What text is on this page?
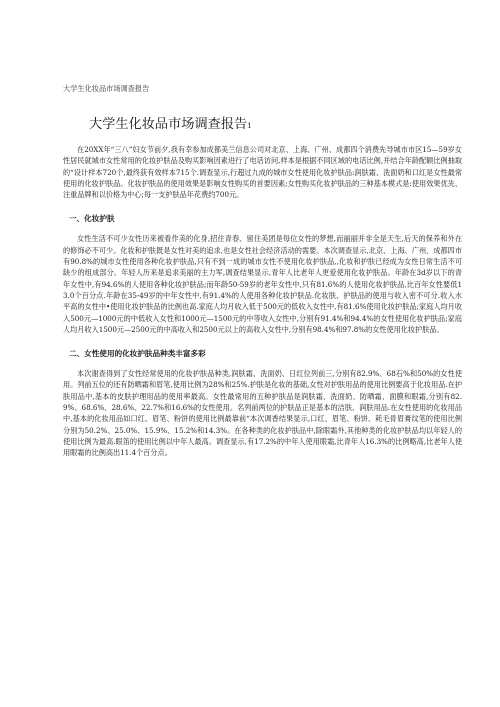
大学生化妆品市场调查报告
大学生化妆品市场调查报告1

在20XX年“三八”妇女节前夕,我有幸参加成都美兰信息公司对北京、上海、广州、成都四个消费先导城市市区15—59岁女性居民就城市女性常用的化妆护肤品及购买影响因素进行了电话访问,样本是根据不同区域的电话比例,并结合年龄配额比例抽取的“设计样本720个,最终获有效样本715个.调查显示,行超过九成的城市女性使用化妆护肤品:润肤霜、洗面奶和口红是女性最常使用的化妆护肤品。化妆护肤品的使用效果是影响女性购买的首要因素;女性购买化妆护肤品的三种基本模式是:使用效果优先、注重品牌和以价格为中心;每一支护肤品年花费约700元。

一、化妆护肤

女性生活不可少女性历来被看作美的化身,招住青春、留住美团是每位女性的梦想,而丽丽并非全是天生,后天的保养和外在的修饰必不可少。化妆和护肤既是女性对美的追求,也是女性社会经济活动的需要。本次调查显示,北京、上海、广州、成都四市有90.8%的城市女性使用各种化妆护肤品,只有不到一成的城市女性不使用化妆护肤品,,化妆和护肤已经成为女性日常生活不可缺少的组成部分。年轻人历来是追求美丽的主力军,调查结果显示,青年人比老年人更爱使用化妆护肤品。年龄在3d岁以下的青年女性中,有94.6%的人使用各种化妆护肤品;而年龄50-59岁的老年女性中,只有81.6%的人使用化妆护肤品,比百年女性要低13.0个百分点.年龄在35-49岁的中年女性中,有91.4%的人使用各种化妆护肤品.化妆肤、护肤品的使用与收入密不可分.收入水平高的女性中•使用化妆护肤品的比例也高.家庭人均月收入低于500元的低收入女性中,有81.6%使用化妆护肤品;家庭人均月收入500元—1000元的中低收入女性和1000元—1500元的中等收入女性中,分别有91.4%和94.4%的女性使用化妆护肤品;家庭人均月收入1500元—2500元的中高收入和2500元以上的高收入女性中,分别有98.4%和97.8%的女性使用化妆护肤品。

二、女性使用的化妆护肤品种类丰富多彩

本次谢查得到了女性经常使用的化妆护肤品种类,润肤霜、洗面奶、日红位列前三,分别有82.9%、68石%和50%的女性使用。列前五位的还有防晒霜和眉笔,使用比例为28%和25%.护肤是化妆的基础,女性对护肤用品的使用比例要高于化妆用品.在护肤用品中,基本的皮肤护理用品的使用率最高。女性最常用的五种护肤品是润肤霜、洗面奶、防晒霜、面膜和眼霜,分别有82.9%、68.6%、28.6%、22.7%和16.6%的女性使用。名列前两位的护肤品正是基本的洁肤、润肤用品.在女性使用的化妆用品中,基本的化妆用品如口红、眉笔、粉饼的使用比例最靠前“本次调香结果显示,口红、眉笔、粉饼、耗毛骨眉膏纹笔的使用比例分别为50.2%、25.0%、15.9%、15.2%和14.3%。在各种类的化妆护肤品中,除眼霜外,其他种类的化妆护肤品均以年轻人的使用比例为最高.眼笛的使用比例以中年人最高。调查显示,有17.2%的中年人使用眼霜,比青年人16.3%的比例略高,比老年人使用眼霜的比例高出11.4个百分点。
